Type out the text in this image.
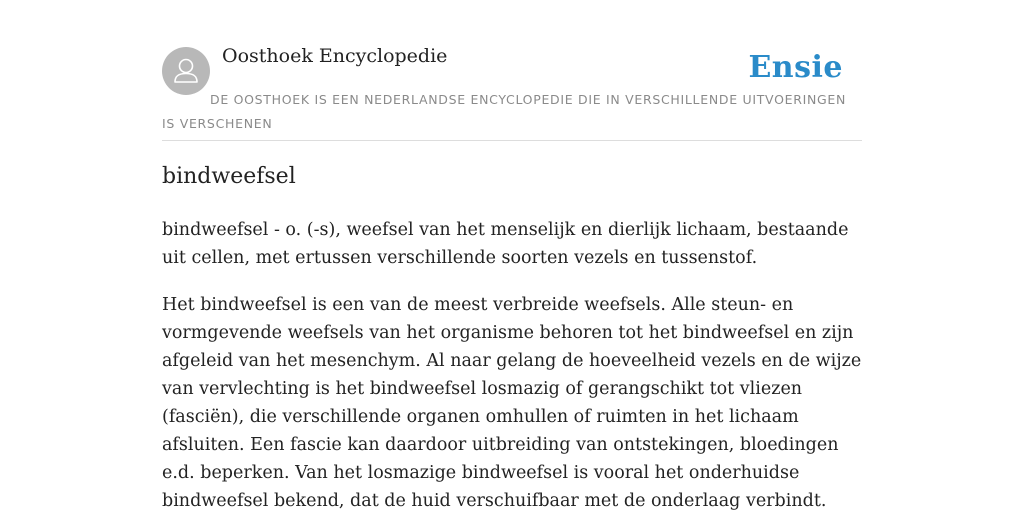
Oosthoek Encyclopedie	Ensie
DE OOSTHOEK IS EEN NEDERLANDSE ENCYCLOPEDIE DIE IN VERSCHILLENDE UITVOERINGEN IS VERSCHENEN
bindweefsel

bindweefsel - o. (-s), weefsel van het menselijk en dierlijk lichaam, bestaande uit cellen, met ertussen verschillende soorten vezels en tussenstof.

Het bindweefsel is een van de meest verbreide weefsels. Alle steun- en vormgevende weefsels van het organisme behoren tot het bindweefsel en zijn afgeleid van het mesenchym. Al naar gelang de hoeveelheid vezels en de wijze van vervlechting is het bindweefsel losmazig of gerangschikt tot vliezen (fasciën), die verschillende organen omhullen of ruimten in het lichaam afsluiten. Een fascie kan daardoor uitbreiding van ontstekingen, bloedingen e.d. beperken. Van het losmazige bindweefsel is vooral het onderhuidse bindweefsel bekend, dat de huid verschuifbaar met de onderlaag verbindt.
